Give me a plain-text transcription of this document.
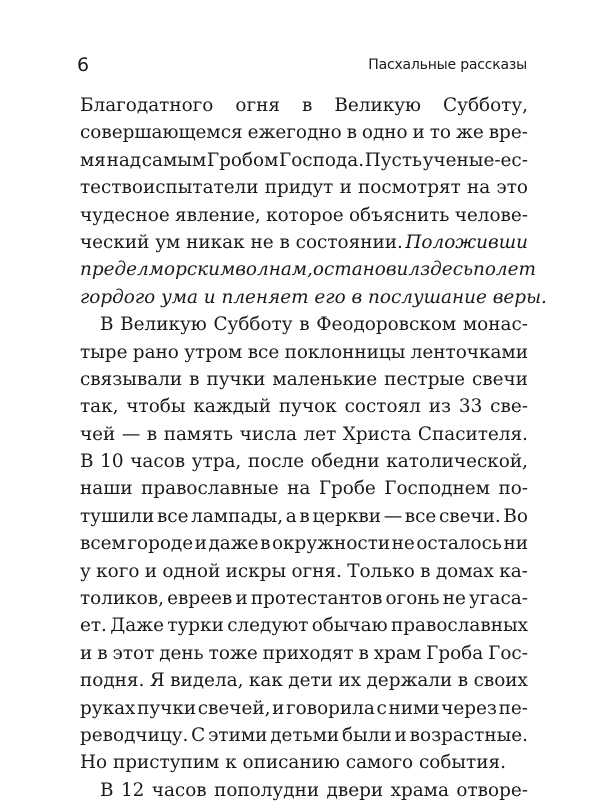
6	Пасхальные рассказы
Благодатного огня в Великую Субботу,
совершающемся ежегодно в одно и то же вре-
мя над самым Гробом Господа. Пусть ученые-ес-
тествоиспытатели придут и посмотрят на это
чудесное явление, которое объяснить челове-
ческий ум никак не в состоянии. Положивши
предел морским волнам, остановил здесь полет
гордого ума и пленяет его в послушание веры.
В Великую Субботу в Феодоровском монас-
тыре рано утром все поклонницы ленточками
связывали в пучки маленькие пестрые свечи
так, чтобы каждый пучок состоял из 33 све-
чей — в память числа лет Христа Спасителя.
В 10 часов утра, после обедни католической,
наши православные на Гробе Господнем по-
тушили все лампады, а в церкви — все свечи. Во
всем городе и даже в окружности не осталось ни
у кого и одной искры огня. Только в домах ка-
толиков, евреев и протестантов огонь не угаса-
ет. Даже турки следуют обычаю православных
и в этот день тоже приходят в храм Гроба Гос-
подня. Я видела, как дети их держали в своих
руках пучки свечей, и говорила с ними через пе-
реводчицу. С этими детьми были и возрастные.
Но приступим к описанию самого события.
В 12 часов пополудни двери храма отворе-
